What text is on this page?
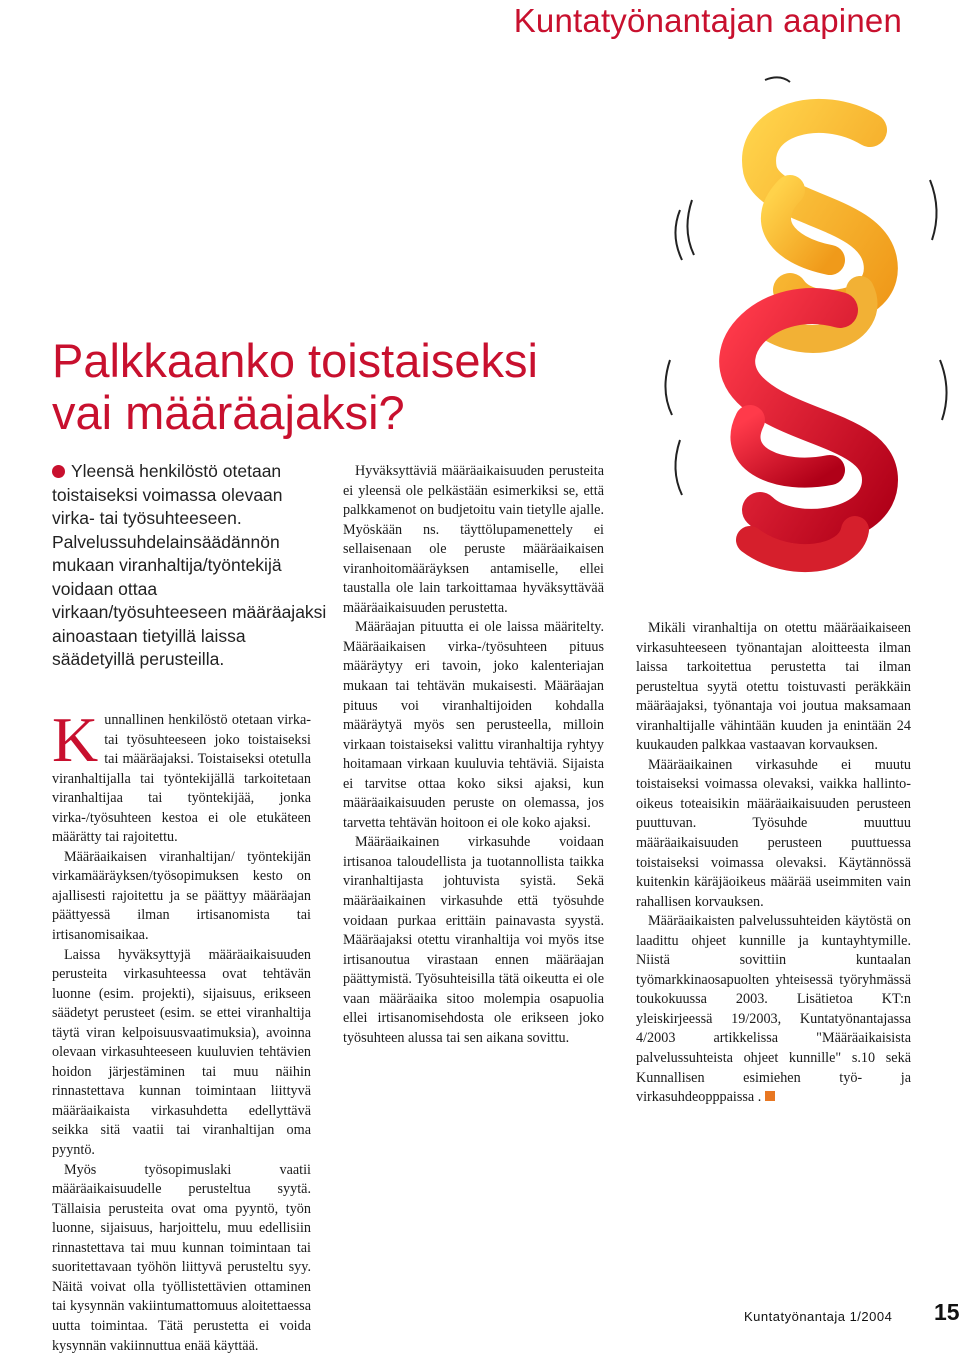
Kuntatyönantajan aapinen
Palkkaanko toistaiseksi
vai määräajaksi?

Yleensä henkilöstö otetaan toistaiseksi voimassa olevaan virka- tai työsuhteeseen. Palvelussuhdelainsäädännön mukaan viranhaltija/työntekijä voidaan ottaa virkaan/työsuhteeseen määräajaksi ainoastaan tietyillä laissa säädetyillä perusteilla.

Kunnallinen henkilöstö otetaan virka- tai työsuhteeseen joko toistaiseksi tai määräajaksi. Toistaiseksi otetulla viranhaltijalla tai työntekijällä tarkoitetaan viranhaltijaa tai työntekijää, jonka virka-/työsuhteen kestoa ei ole etukäteen määrätty tai rajoitettu.

Määräaikaisen viranhaltijan/ työntekijän virkamääräyksen/työsopimuksen kesto on ajallisesti rajoitettu ja se päättyy määräajan päättyessä ilman irtisanomista tai irtisanomisaikaa.

Laissa hyväksyttyjä määräaikaisuuden perusteita virkasuhteessa ovat tehtävän luonne (esim. projekti), sijaisuus, erikseen säädetyt perusteet (esim. se ettei viranhaltija täytä viran kelpoisuusvaatimuksia), avoinna olevaan virkasuhteeseen kuuluvien tehtävien hoidon järjestäminen tai muu näihin rinnastettava kunnan toimintaan liittyvä määräaikaista virkasuhdetta edellyttävä seikka sitä vaatii tai viranhaltijan oma pyyntö.

Myös työsopimuslaki vaatii määräaikaisuudelle perusteltua syytä. Tällaisia perusteita ovat oma pyyntö, työn luonne, sijaisuus, harjoittelu, muu edellisiin rinnastettava tai muu kunnan toimintaan tai suoritettavaan työhön liittyvä perusteltu syy. Näitä voivat olla työllistettävien ottaminen tai kysynnän vakiintumattomuus aloitettaessa uutta toimintaa. Tätä perustetta ei voida kysynnän vakiinnuttua enää käyttää.

Hyväksyttäviä määräaikaisuuden perusteita ei yleensä ole pelkästään esimerkiksi se, että palkkamenot on budjetoitu vain tietylle ajalle. Myöskään ns. täyttölupamenettely ei sellaisenaan ole peruste määräaikaisen viranhoitomääräyksen antamiselle, ellei taustalla ole lain tarkoittamaa hyväksyttävää määräaikaisuuden perustetta.

Määräajan pituutta ei ole laissa määritelty. Määräaikaisen virka-/työsuhteen pituus määräytyy eri tavoin, joko kalenteriajan mukaan tai tehtävän mukaisesti. Määräajan pituus voi viranhaltijoiden kohdalla määräytyä myös sen perusteella, milloin virkaan toistaiseksi valittu viranhaltija ryhtyy hoitamaan virkaan kuuluvia tehtäviä. Sijaista ei tarvitse ottaa koko siksi ajaksi, kun määräaikaisuuden peruste on olemassa, jos tarvetta tehtävän hoitoon ei ole koko ajaksi.

Määräaikainen virkasuhde voidaan irtisanoa taloudellista ja tuotannollista taikka viranhaltijasta johtuvista syistä. Sekä määräaikainen virkasuhde että työsuhde voidaan purkaa erittäin painavasta syystä. Määräajaksi otettu viranhaltija voi myös itse irtisanoutua virastaan ennen määräajan päättymistä. Työsuhteisilla tätä oikeutta ei ole vaan määräaika sitoo molempia osapuolia ellei irtisanomisehdosta ole erikseen joko työsuhteen alussa tai sen aikana sovittu.

Mikäli viranhaltija on otettu määräaikaiseen virkasuhteeseen työnantajan aloitteesta ilman laissa tarkoitettua perustetta tai ilman perusteltua syytä otettu toistuvasti peräkkäin määräajaksi, työnantaja voi joutua maksamaan viranhaltijalle vähintään kuuden ja enintään 24 kuukauden palkkaa vastaavan korvauksen.

Määräaikainen virkasuhde ei muutu toistaiseksi voimassa olevaksi, vaikka hallinto-oikeus toteaisikin määräaikaisuuden perusteen puuttuvan. Työsuhde muuttuu määräaikaisuuden perusteen puuttuessa toistaiseksi voimassa olevaksi. Käytännössä kuitenkin käräjäoikeus määrää useimmiten vain rahallisen korvauksen.

Määräaikaisten palvelussuhteiden käytöstä on laadittu ohjeet kunnille ja kuntayhtymille. Niistä sovittiin kuntaalan työmarkkinaosapuolten yhteisessä työryhmässä toukokuussa 2003. Lisätietoa KT:n yleiskirjeessä 19/2003, Kuntatyönantajassa 4/2003 artikkelissa "Määräaikaisista palvelussuhteista ohjeet kunnille" s.10 sekä Kunnallisen esimiehen työ- ja virkasuhdeopppaissa .

Kuntatyönantaja 1/2004 15
